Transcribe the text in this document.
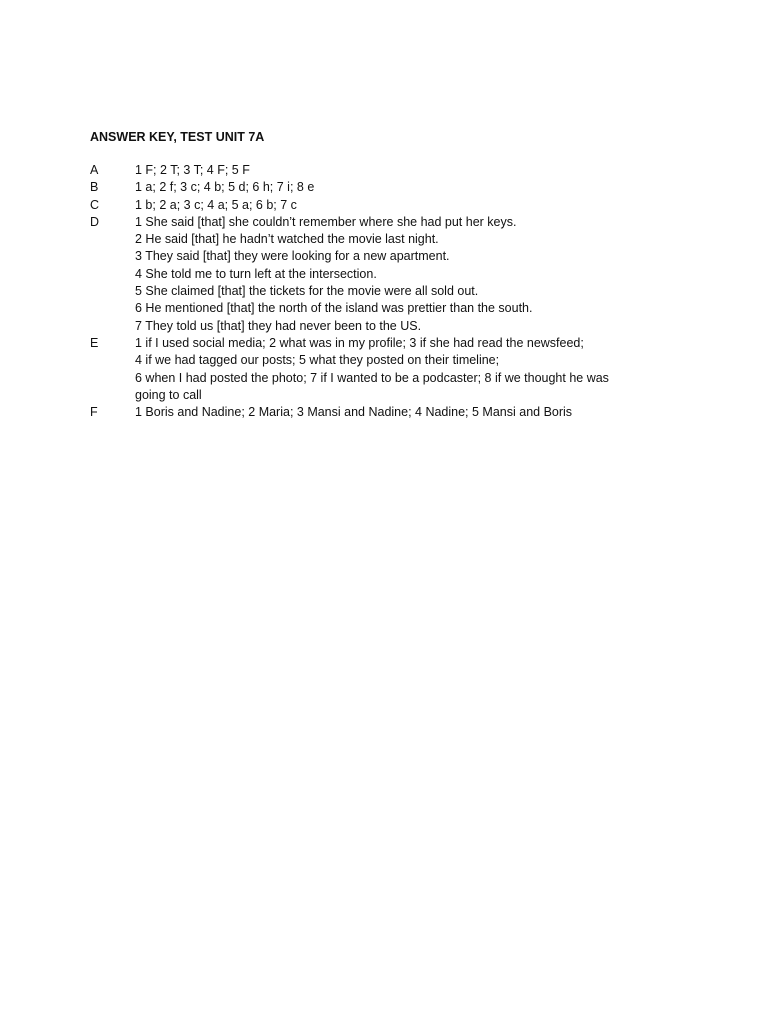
ANSWER KEY, TEST UNIT 7A
A	1 F; 2 T; 3 T; 4 F; 5 F
B	1 a; 2 f; 3 c; 4 b; 5 d; 6 h; 7 i; 8 e
C	1 b; 2 a; 3 c; 4 a; 5 a; 6 b; 7 c
D	1 She said [that] she couldn’t remember where she had put her keys.
2 He said [that] he hadn’t watched the movie last night.
3 They said [that] they were looking for a new apartment.
4 She told me to turn left at the intersection.
5 She claimed [that] the tickets for the movie were all sold out.
6 He mentioned [that] the north of the island was prettier than the south.
7 They told us [that] they had never been to the US.
E	1 if I used social media; 2 what was in my profile; 3 if she had read the newsfeed;
4 if we had tagged our posts; 5 what they posted on their timeline;
6 when I had posted the photo; 7 if I wanted to be a podcaster; 8 if we thought he was
going to call
F	1 Boris and Nadine; 2 Maria; 3 Mansi and Nadine; 4 Nadine; 5 Mansi and Boris
